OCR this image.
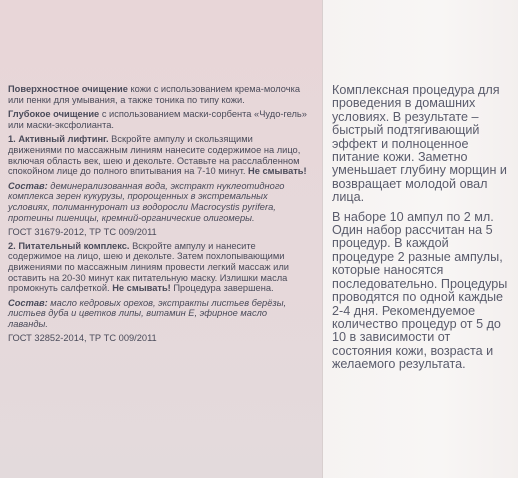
Поверхностное очищение кожи с использованием крема-молочка или пенки для умывания, а также тоника по типу кожи.

Глубокое очищение с использованием маски-сорбента «Чудо-гель» или маски-эксфолианта.

1. Активный лифтинг. Вскройте ампулу и скользящими движениями по массажным линиям нанесите содержимое на лицо, включая область век, шею и декольте. Оставьте на расслабленном спокойном лице до полного впитывания на 7-10 минут. Не смывать!

Состав: деминерализованная вода, экстракт нуклеотидного комплекса зерен кукурузы, пророщенных в экстремальных условиях, полиманнуронат из водоросли Macrocystis pyrifera, протеины пшеницы, кремний-органические олигомеры.

ГОСТ 31679-2012, ТР ТС 009/2011

2. Питательный комплекс. Вскройте ампулу и нанесите содержимое на лицо, шею и декольте. Затем похлопывающими движениями по массажным линиям провести легкий массаж или оставить на 20-30 минут как питательную маску. Излишки масла промокнуть салфеткой. Не смывать! Процедура завершена.

Состав: масло кедровых орехов, экстракты листьев берёзы, листьев дуба и цветков липы, витамин Е, эфирное масло лаванды.

ГОСТ 32852-2014, ТР ТС 009/2011

Комплексная процедура для проведения в домашних условиях. В результате – быстрый подтягивающий эффект и полноценное питание кожи. Заметно уменьшает глубину морщин и возвращает молодой овал лица.

В наборе 10 ампул по 2 мл. Один набор рассчитан на 5 процедур. В каждой процедуре 2 разные ампулы, которые наносятся последовательно. Процедуры проводятся по одной каждые 2-4 дня. Рекомендуемое количество процедур от 5 до 10 в зависимости от состояния кожи, возраста и желаемого результата.
